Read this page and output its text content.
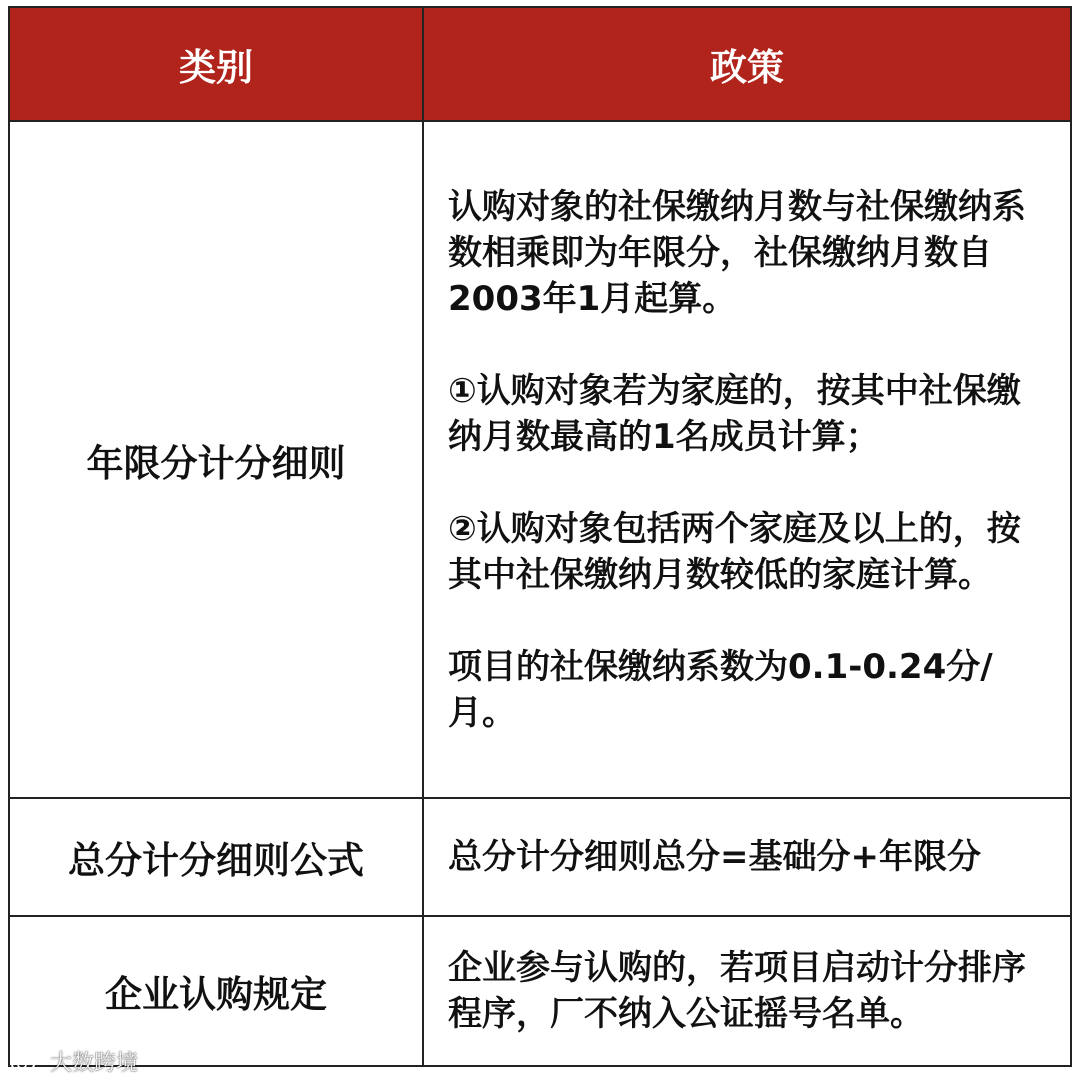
类别	政策
年限分计分细则	认购对象的社保缴纳月数与社保缴纳系数相乘即为年限分，社保缴纳月数自2003年1月起算。

①认购对象若为家庭的，按其中社保缴纳月数最高的1名成员计算；

②认购对象包括两个家庭及以上的，按其中社保缴纳月数较低的家庭计算。

项目的社保缴纳系数为0.1-0.24分/月。

总分计分细则公式	总分计分细则总分=基础分+年限分

企业认购规定	企业参与认购的，若项目启动计分排序程序，厂不纳入公证摇号名单。

大数跨境
